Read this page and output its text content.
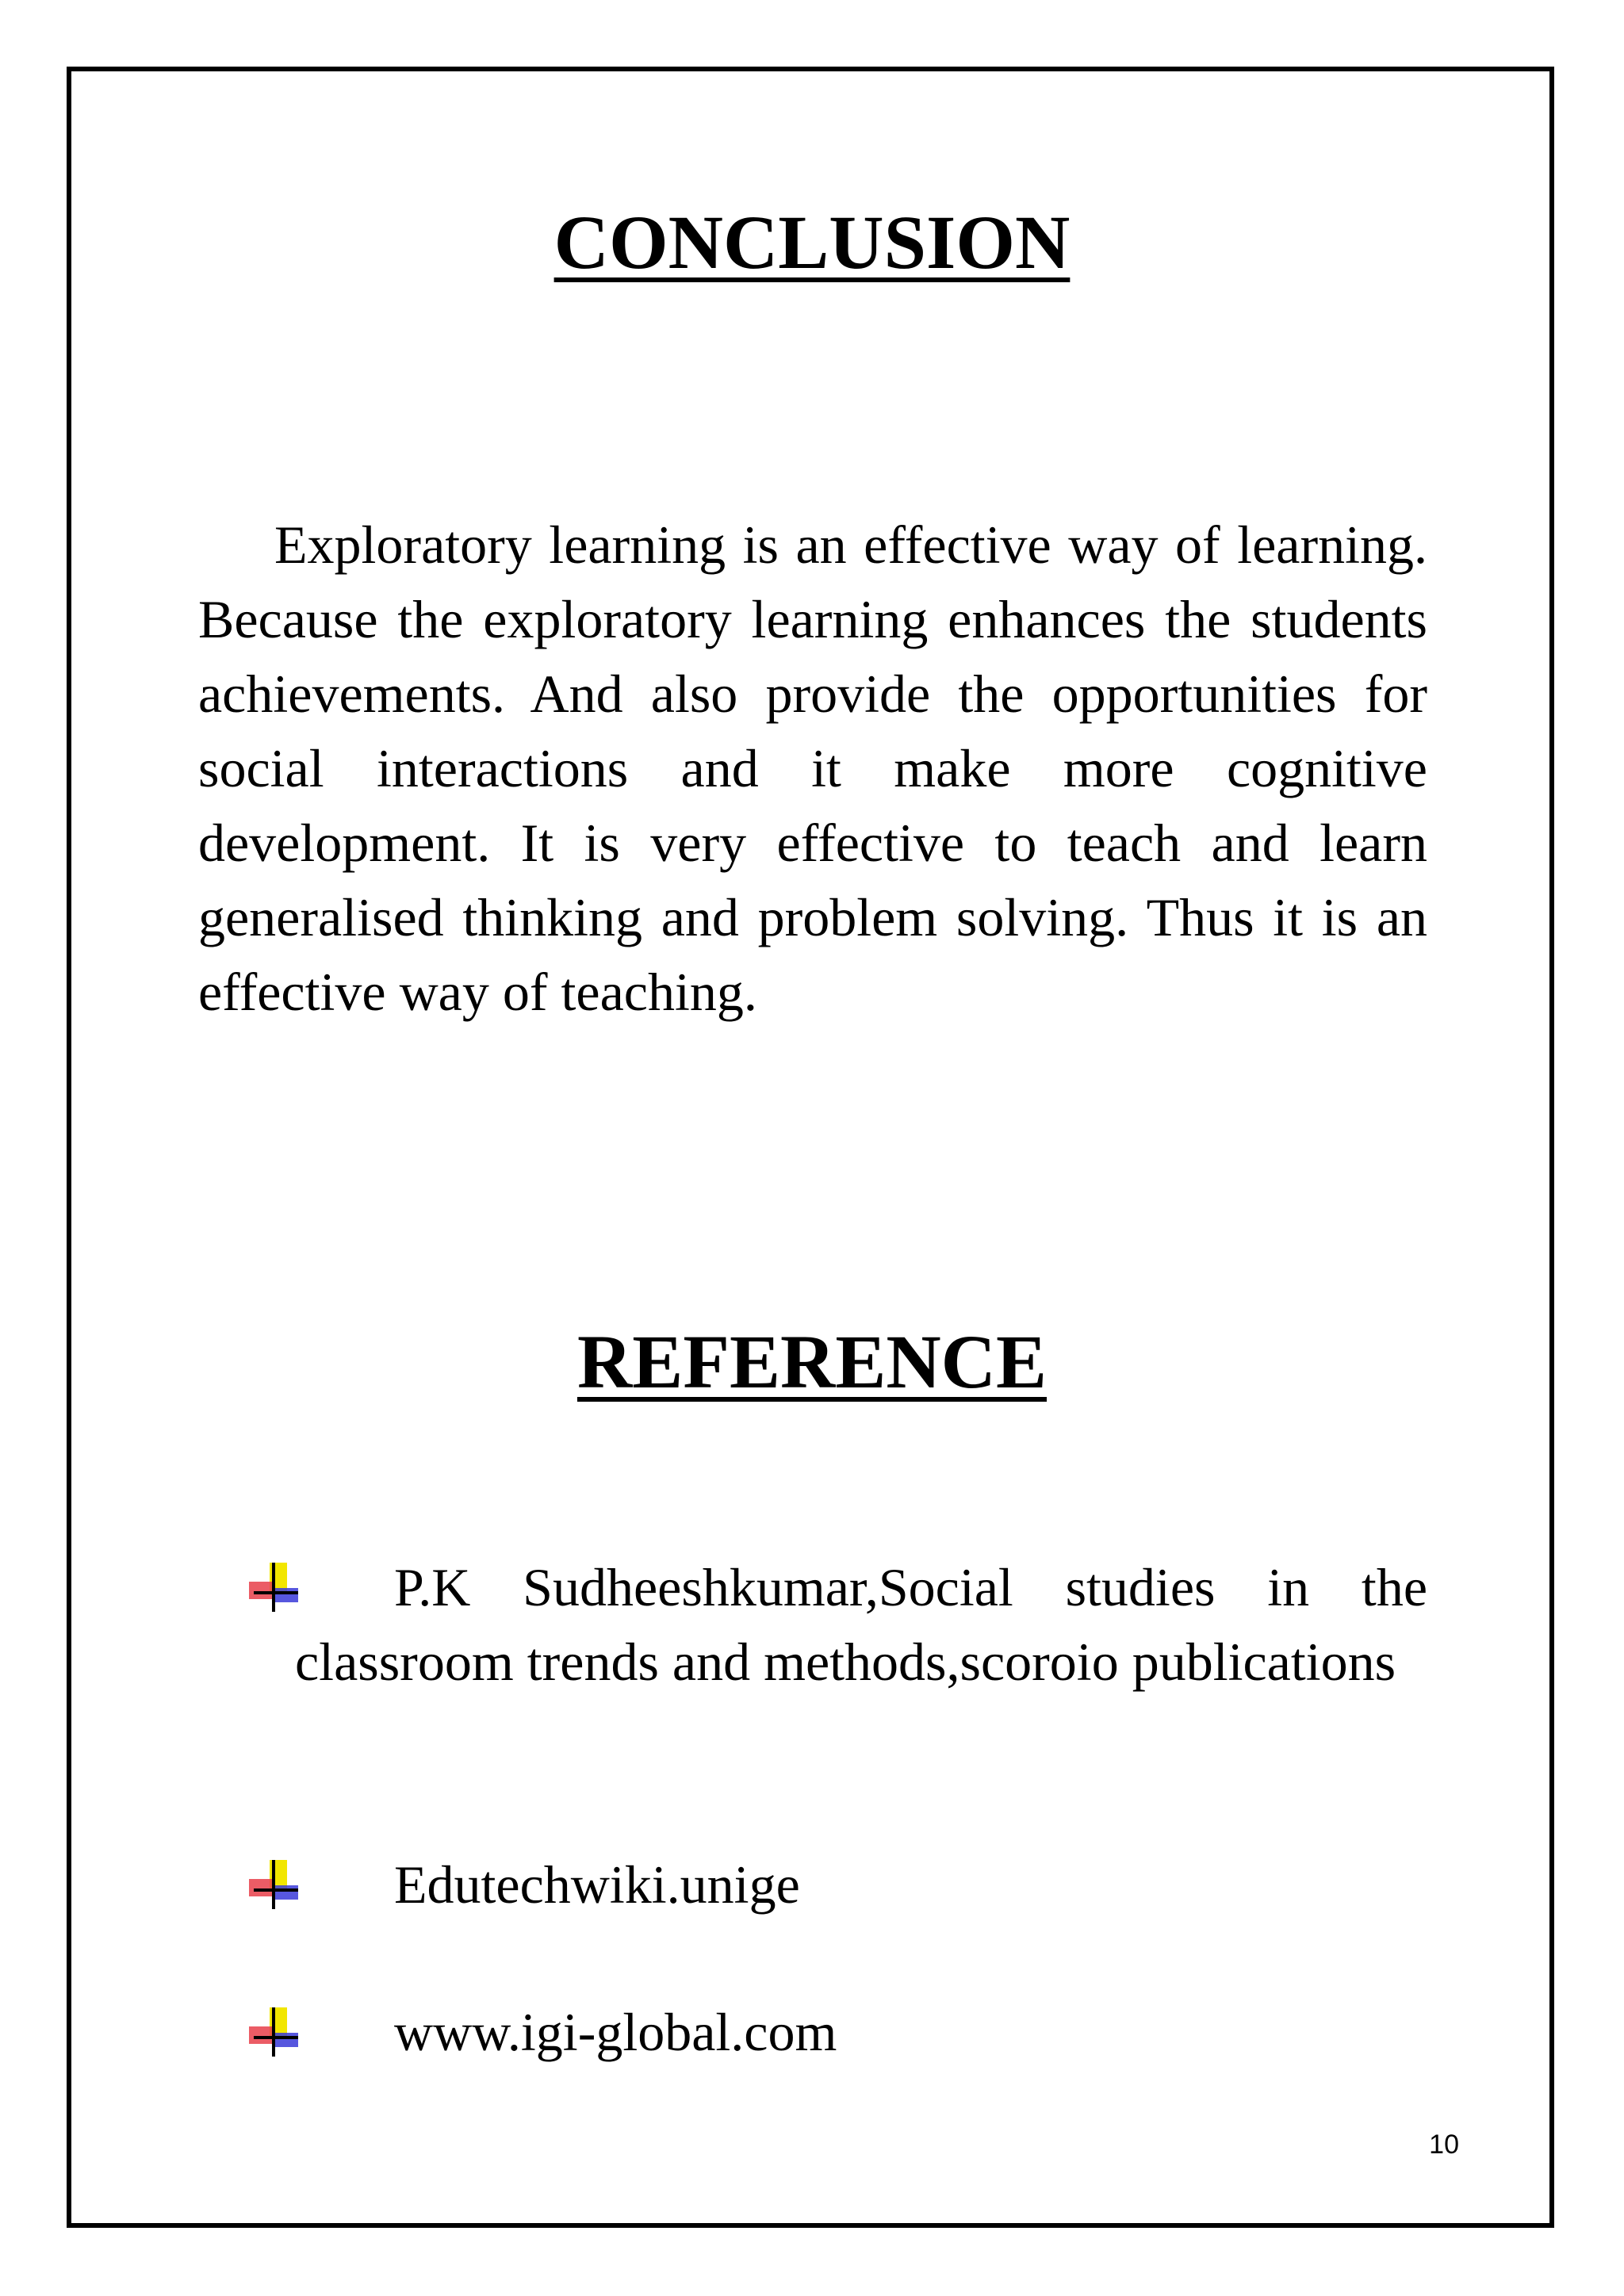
CONCLUSION

Exploratory learning is an effective way of learning. Because the exploratory learning enhances the students achievements. And also provide the opportunities for social interactions and it make more cognitive development. It is very effective to teach and learn generalised thinking and problem solving. Thus it is an effective way of teaching.

REFERENCE
P.K Sudheeshkumar,Social studies in the classroom trends and methods,scoroio publications
Edutechwiki.unige
www.igi-global.com
10
